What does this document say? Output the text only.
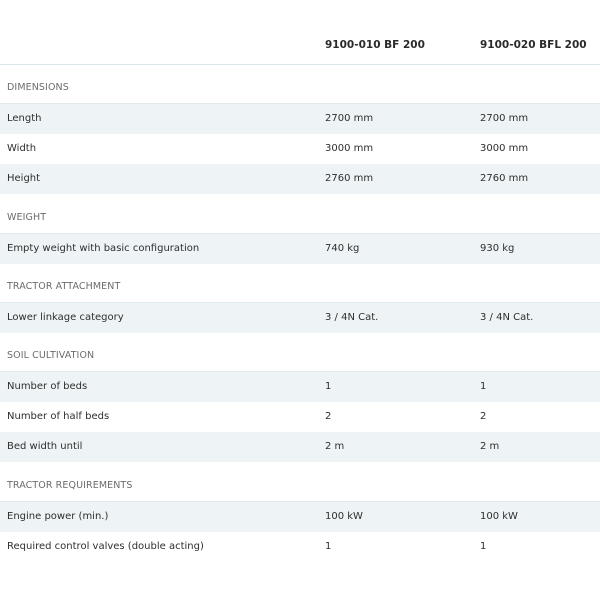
9100-010 BF 200	9100-020 BFL 200
DIMENSIONS
Length	2700 mm	2700 mm
Width	3000 mm	3000 mm
Height	2760 mm	2760 mm
WEIGHT
Empty weight with basic configuration	740 kg	930 kg
TRACTOR ATTACHMENT
Lower linkage category	3 / 4N Cat.	3 / 4N Cat.
SOIL CULTIVATION
Number of beds	1	1
Number of half beds	2	2
Bed width until	2 m	2 m
TRACTOR REQUIREMENTS
Engine power (min.)	100 kW	100 kW
Required control valves (double acting)	1	1
